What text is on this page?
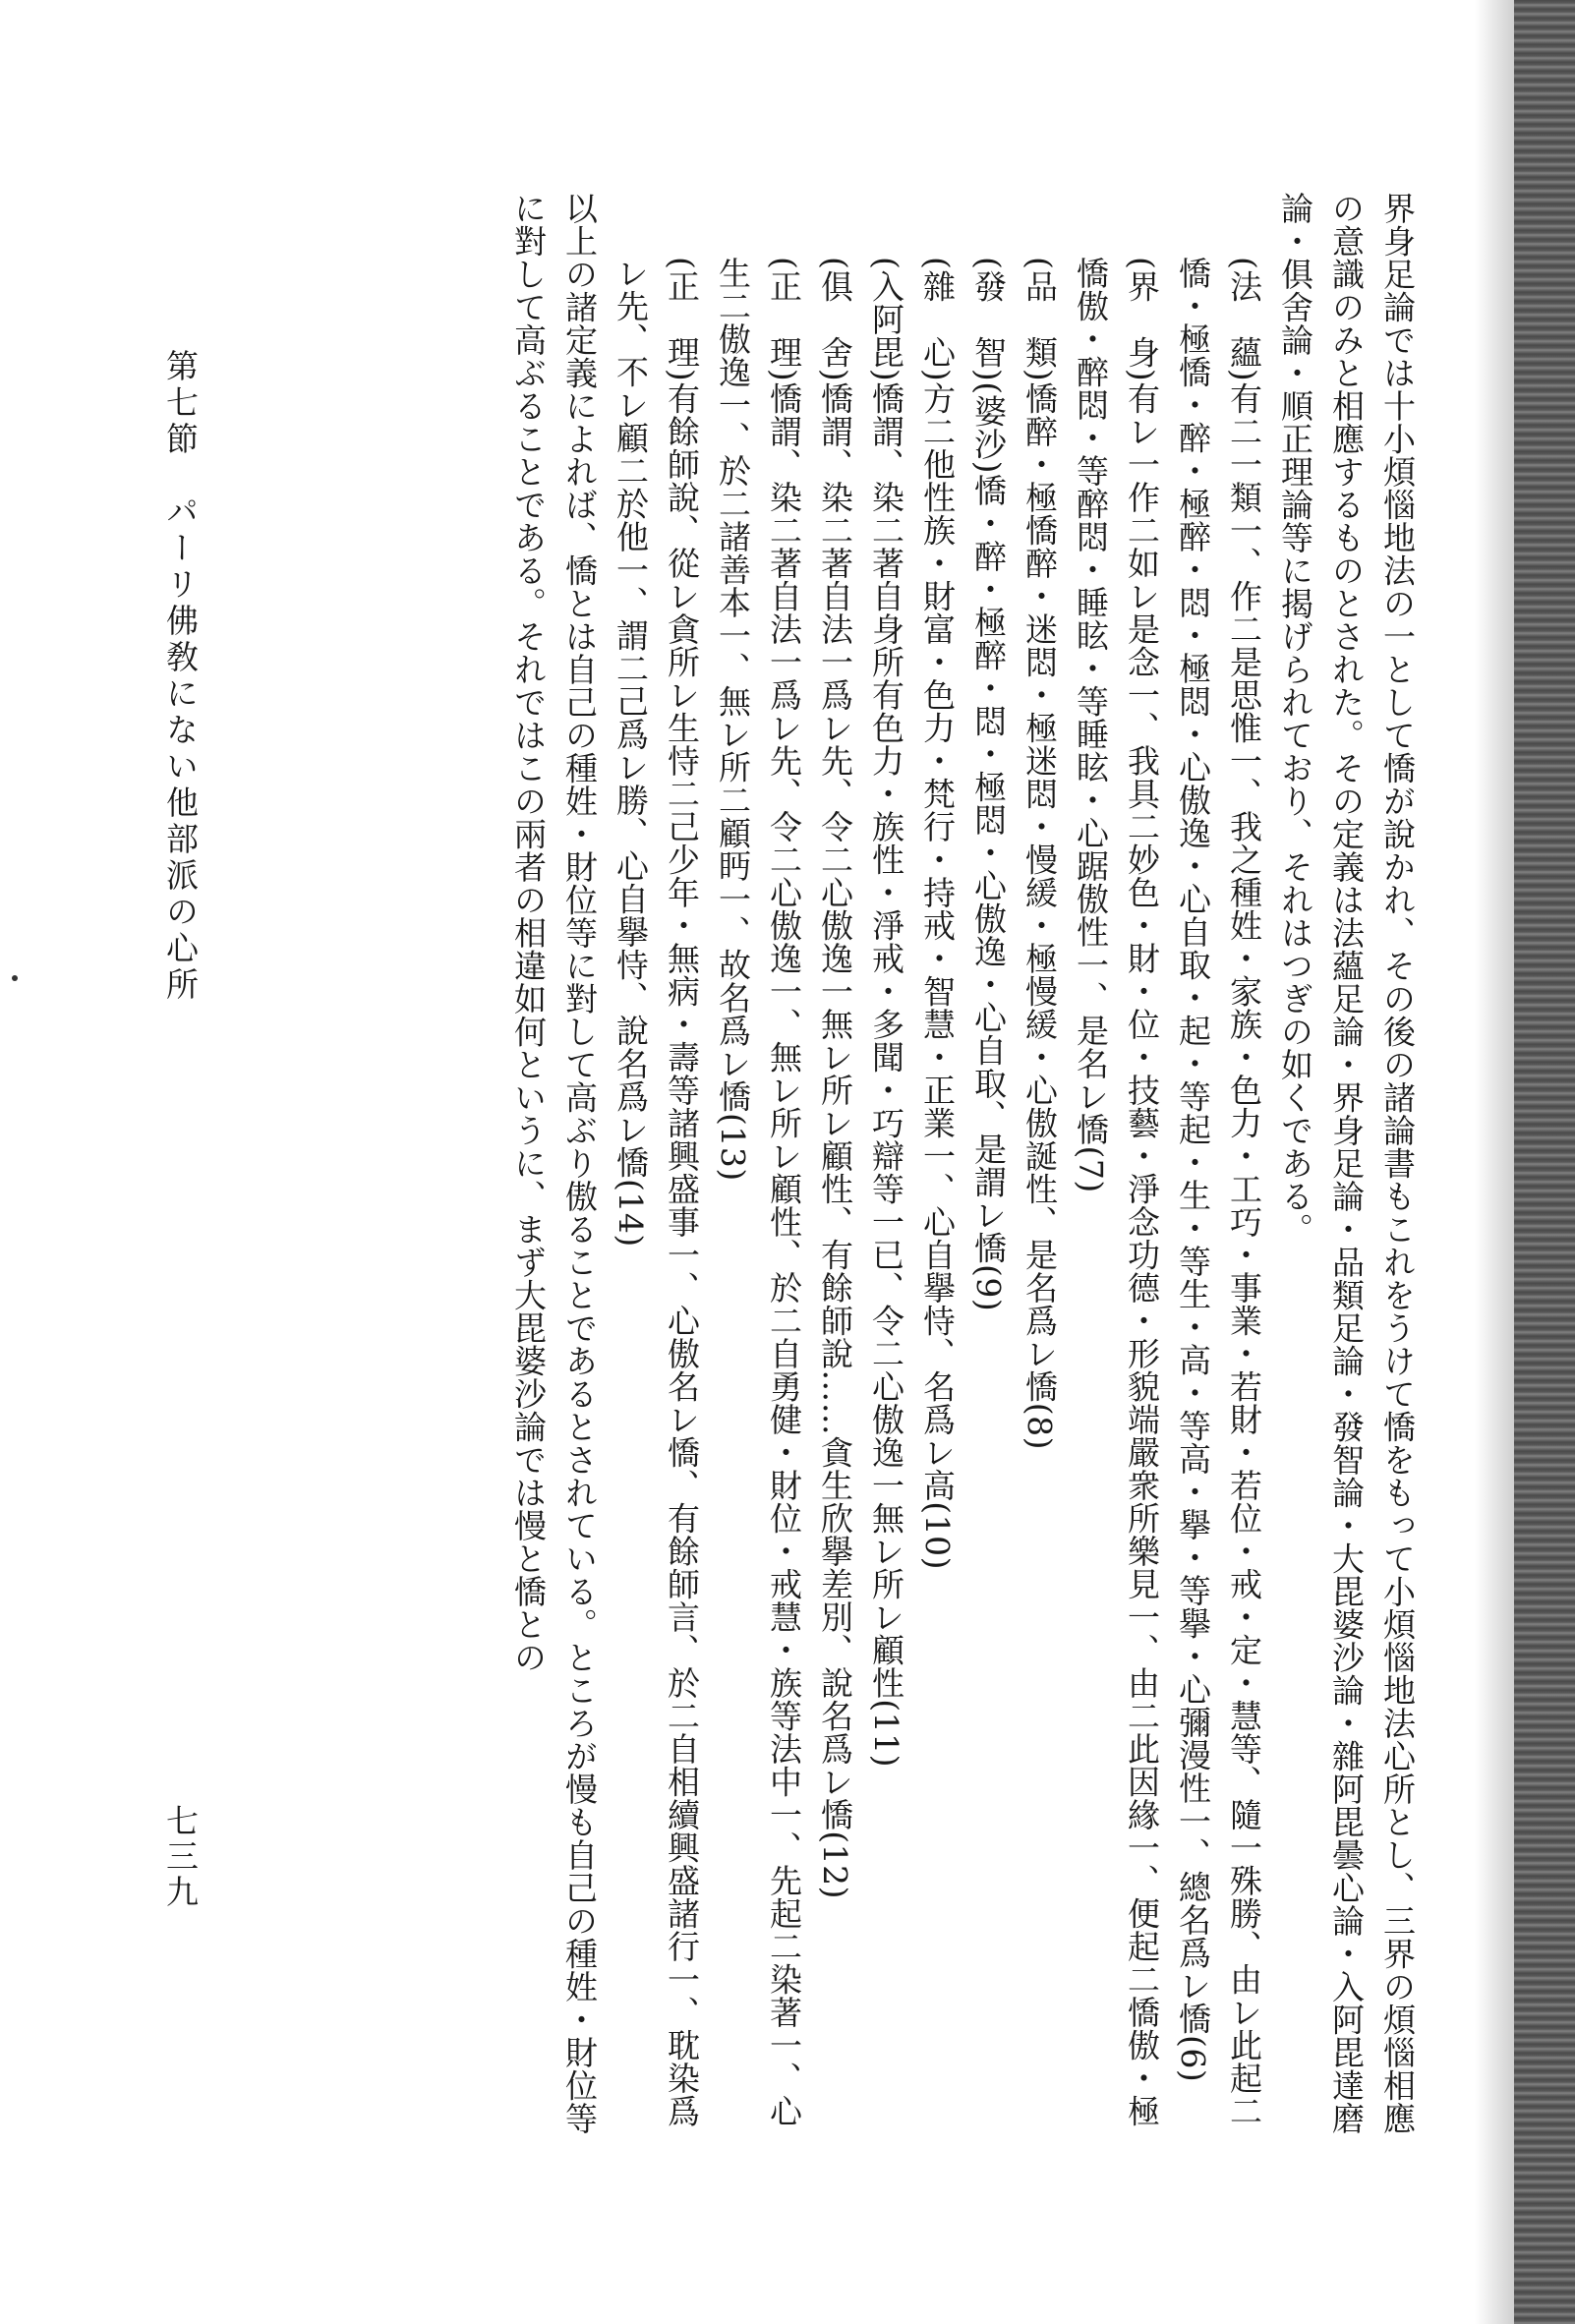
界身足論では十小煩惱地法の一として憍が說かれ、その後の諸論書もこれをうけて憍をもって小煩惱地法心所とし、三界の煩惱相應の意識のみと相應するものとされた。その定義は法蘊足論・界身足論・品類足論・發智論・大毘婆沙論・雜阿毘曇心論・入阿毘達磨論・俱舍論・順正理論等に揭げられており、それはつぎの如くである。
(法　蘊)有二一類一、作二是思惟一、我之種姓・家族・色力・工巧・事業・若財・若位・戒・定・慧等、隨一殊勝、由レ此起二憍・極憍・醉・極醉・悶・極悶・心傲逸・心自取・起・等起・生・等生・高・等高・擧・等擧・心彌漫性一、總名爲レ憍(6)
(界　身)有レ一作二如レ是念一、我具二妙色・財・位・技藝・淨念功德・形貌端嚴衆所樂見一、由二此因緣一、便起二憍傲・極憍傲・醉悶・等醉悶・睡眩・等睡眩・心踞傲性一、是名レ憍(7)
(品　類)憍醉・極憍醉・迷悶・極迷悶・慢緩・極慢緩・心傲誕性、是名爲レ憍(8)
(發　智)(婆沙)憍・醉・極醉・悶・極悶・心傲逸・心自取、是謂レ憍(9)
(雜　心)方二他性族・財富・色力・梵行・持戒・智慧・正業一、心自擧恃、名爲レ高(10)
(入阿毘)憍謂、染二著自身所有色力・族性・淨戒・多聞・巧辯等一已、令二心傲逸一無レ所レ顧性(11)
(俱　舍)憍謂、染二著自法一爲レ先、令二心傲逸一無レ所レ顧性、有餘師說……貪生欣擧差別、說名爲レ憍(12)
(正　理)憍謂、染二著自法一爲レ先、令二心傲逸一、無レ所レ顧性、於二自勇健・財位・戒慧・族等法中一、先起二染著一、心生二傲逸一、於二諸善本一、無レ所二顧眄一、故名爲レ憍(13)
(正　理)有餘師說、從レ貪所レ生恃二己少年・無病・壽等諸興盛事一、心傲名レ憍、有餘師言、於二自相續興盛諸行一、耽染爲レ先、不レ顧二於他一、謂二己爲レ勝、心自擧恃、說名爲レ憍(14)
以上の諸定義によれば、憍とは自己の種姓・財位等に對して高ぶり傲ることであるとされている。ところが慢も自己の種姓・財位等に對して高ぶることである。それではこの兩者の相違如何というに、まず大毘婆沙論では慢と憍との
第七節　パーリ佛敎にない他部派の心所
七三九
